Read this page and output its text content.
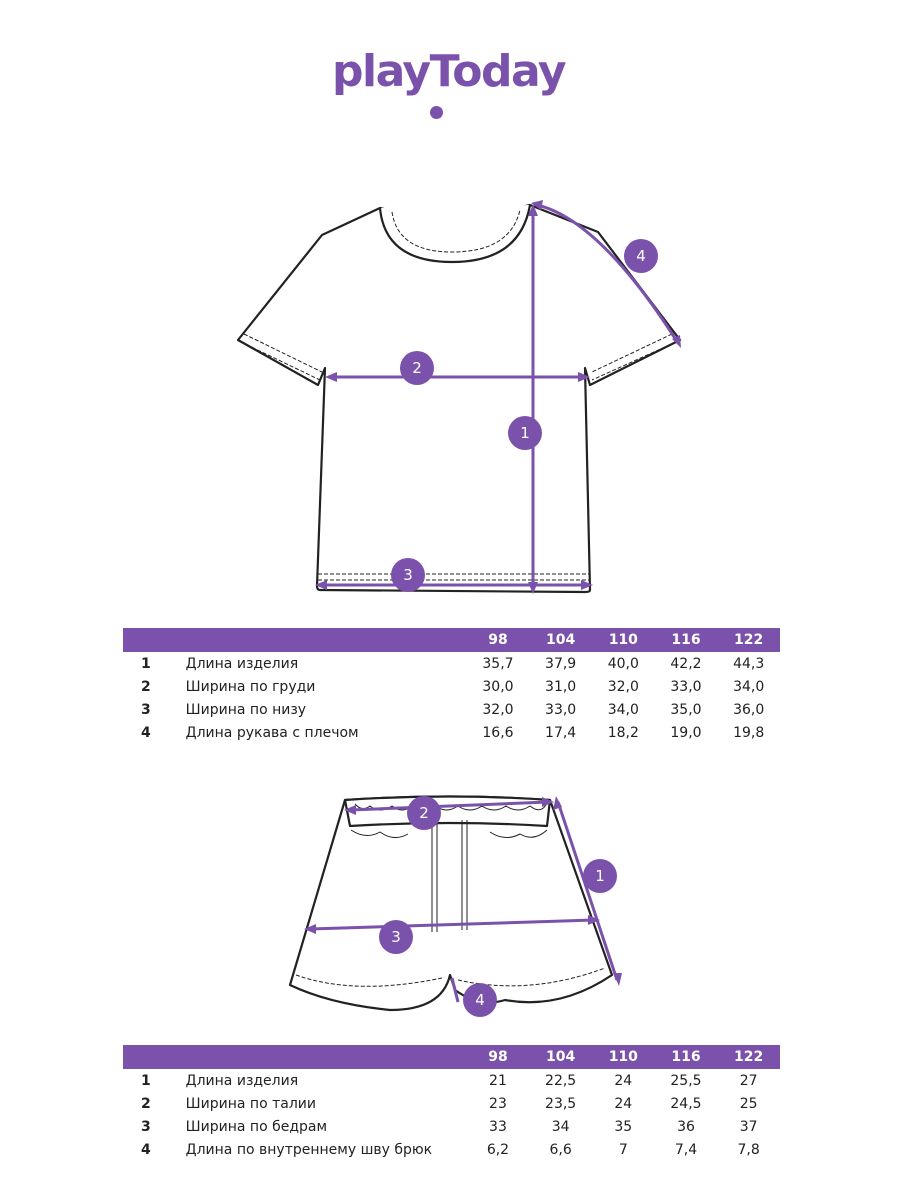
playToday
1
2
3
4
		98	104	110	116	122
1	Длина изделия	35,7	37,9	40,0	42,2	44,3
2	Ширина по груди	30,0	31,0	32,0	33,0	34,0
3	Ширина по низу	32,0	33,0	34,0	35,0	36,0
4	Длина рукава с плечом	16,6	17,4	18,2	19,0	19,8
1
2
3
4
		98	104	110	116	122
1	Длина изделия	21	22,5	24	25,5	27
2	Ширина по талии	23	23,5	24	24,5	25
3	Ширина по бедрам	33	34	35	36	37
4	Длина по внутреннему шву брюк	6,2	6,6	7	7,4	7,8
